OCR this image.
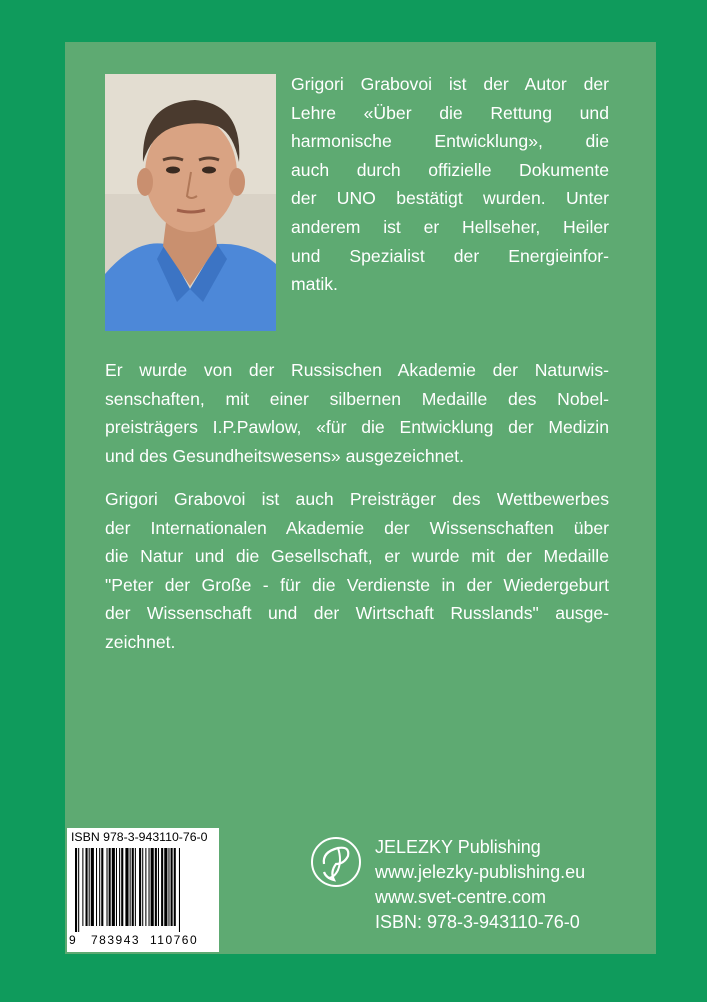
Grigori Grabovoi ist der Autor der
Lehre «Über die Rettung und
harmonische Entwicklung», die
auch durch offizielle Dokumente
der UNO bestätigt wurden. Unter
anderem ist er Hellseher, Heiler
und Spezialist der Energieinfor-
matik.

Er wurde von der Russischen Akademie der Naturwis-
senschaften, mit einer silbernen Medaille des Nobel-
preisträgers I.P.Pawlow, «für die Entwicklung der Medizin
und des Gesundheitswesens» ausgezeichnet.

Grigori Grabovoi ist auch Preisträger des Wettbewerbes
der Internationalen Akademie der Wissenschaften über
die Natur und die Gesellschaft, er wurde mit der Medaille
"Peter der Große - für die Verdienste in der Wiedergeburt
der Wissenschaft und der Wirtschaft Russlands" ausge-
zeichnet.

ISBN 978-3-943110-76-0
9 783943 110760
JELEZKY Publishing
www.jelezky-publishing.eu
www.svet-centre.com
ISBN: 978-3-943110-76-0
